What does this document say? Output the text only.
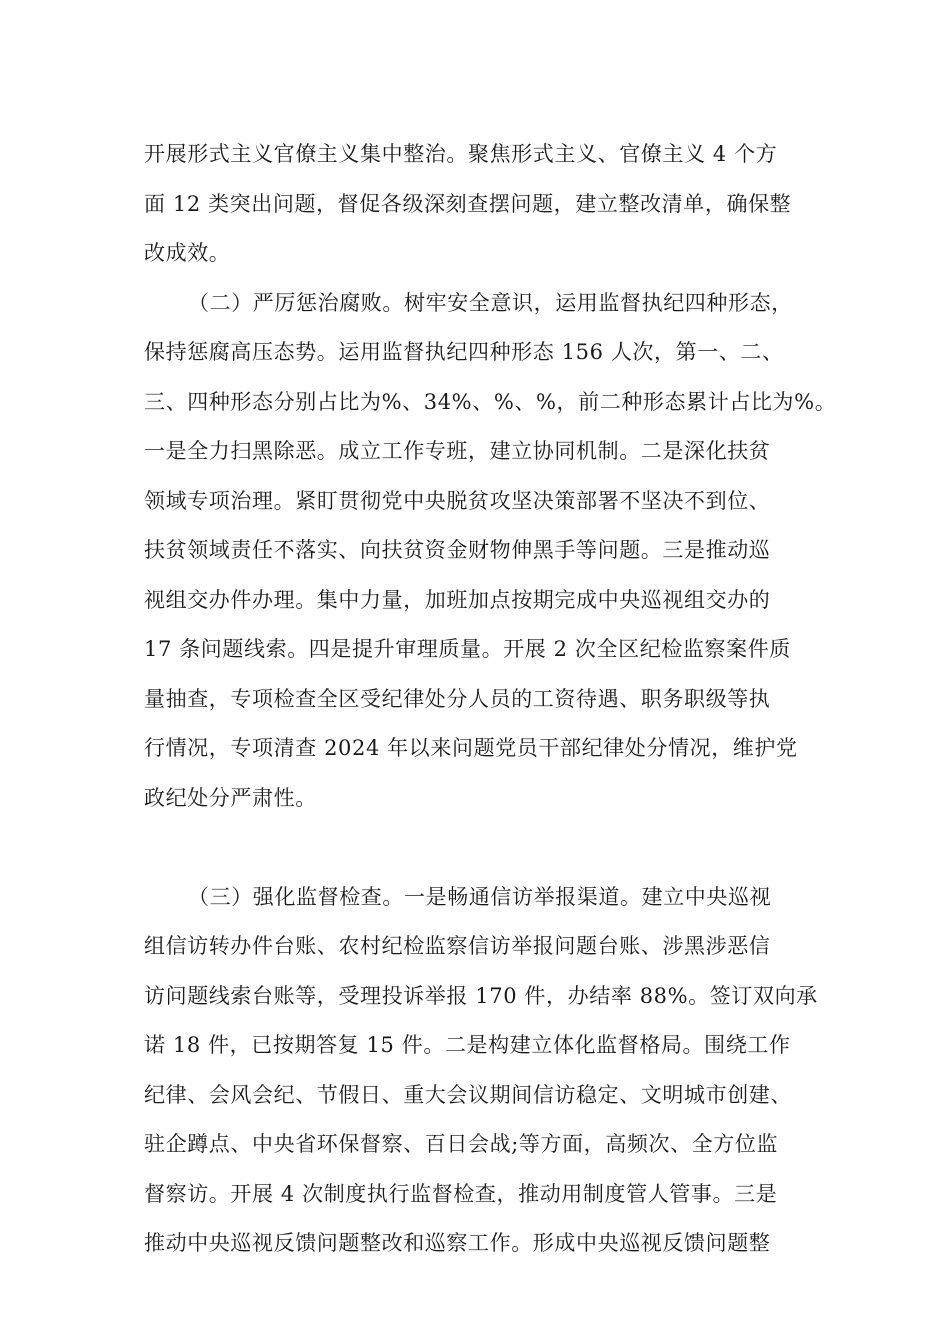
开展形式主义官僚主义集中整治。聚焦形式主义、官僚主义 4 个方
面 12 类突出问题，督促各级深刻查摆问题，建立整改清单，确保整
改成效。
（二）严厉惩治腐败。树牢安全意识，运用监督执纪四种形态，
保持惩腐高压态势。运用监督执纪四种形态 156 人次，第一、二、
三、四种形态分别占比为%、34%、%、%，前二种形态累计占比为%。
一是全力扫黑除恶。成立工作专班，建立协同机制。二是深化扶贫
领域专项治理。紧盯贯彻党中央脱贫攻坚决策部署不坚决不到位、
扶贫领域责任不落实、向扶贫资金财物伸黑手等问题。三是推动巡
视组交办件办理。集中力量，加班加点按期完成中央巡视组交办的
17 条问题线索。四是提升审理质量。开展 2 次全区纪检监察案件质
量抽查，专项检查全区受纪律处分人员的工资待遇、职务职级等执
行情况，专项清查 2024 年以来问题党员干部纪律处分情况，维护党
政纪处分严肃性。
（三）强化监督检查。一是畅通信访举报渠道。建立中央巡视
组信访转办件台账、农村纪检监察信访举报问题台账、涉黑涉恶信
访问题线索台账等，受理投诉举报 170 件，办结率 88%。签订双向承
诺 18 件，已按期答复 15 件。二是构建立体化监督格局。围绕工作
纪律、会风会纪、节假日、重大会议期间信访稳定、文明城市创建、
驻企蹲点、中央省环保督察、百日会战;等方面，高频次、全方位监
督察访。开展 4 次制度执行监督检查，推动用制度管人管事。三是
推动中央巡视反馈问题整改和巡察工作。形成中央巡视反馈问题整
